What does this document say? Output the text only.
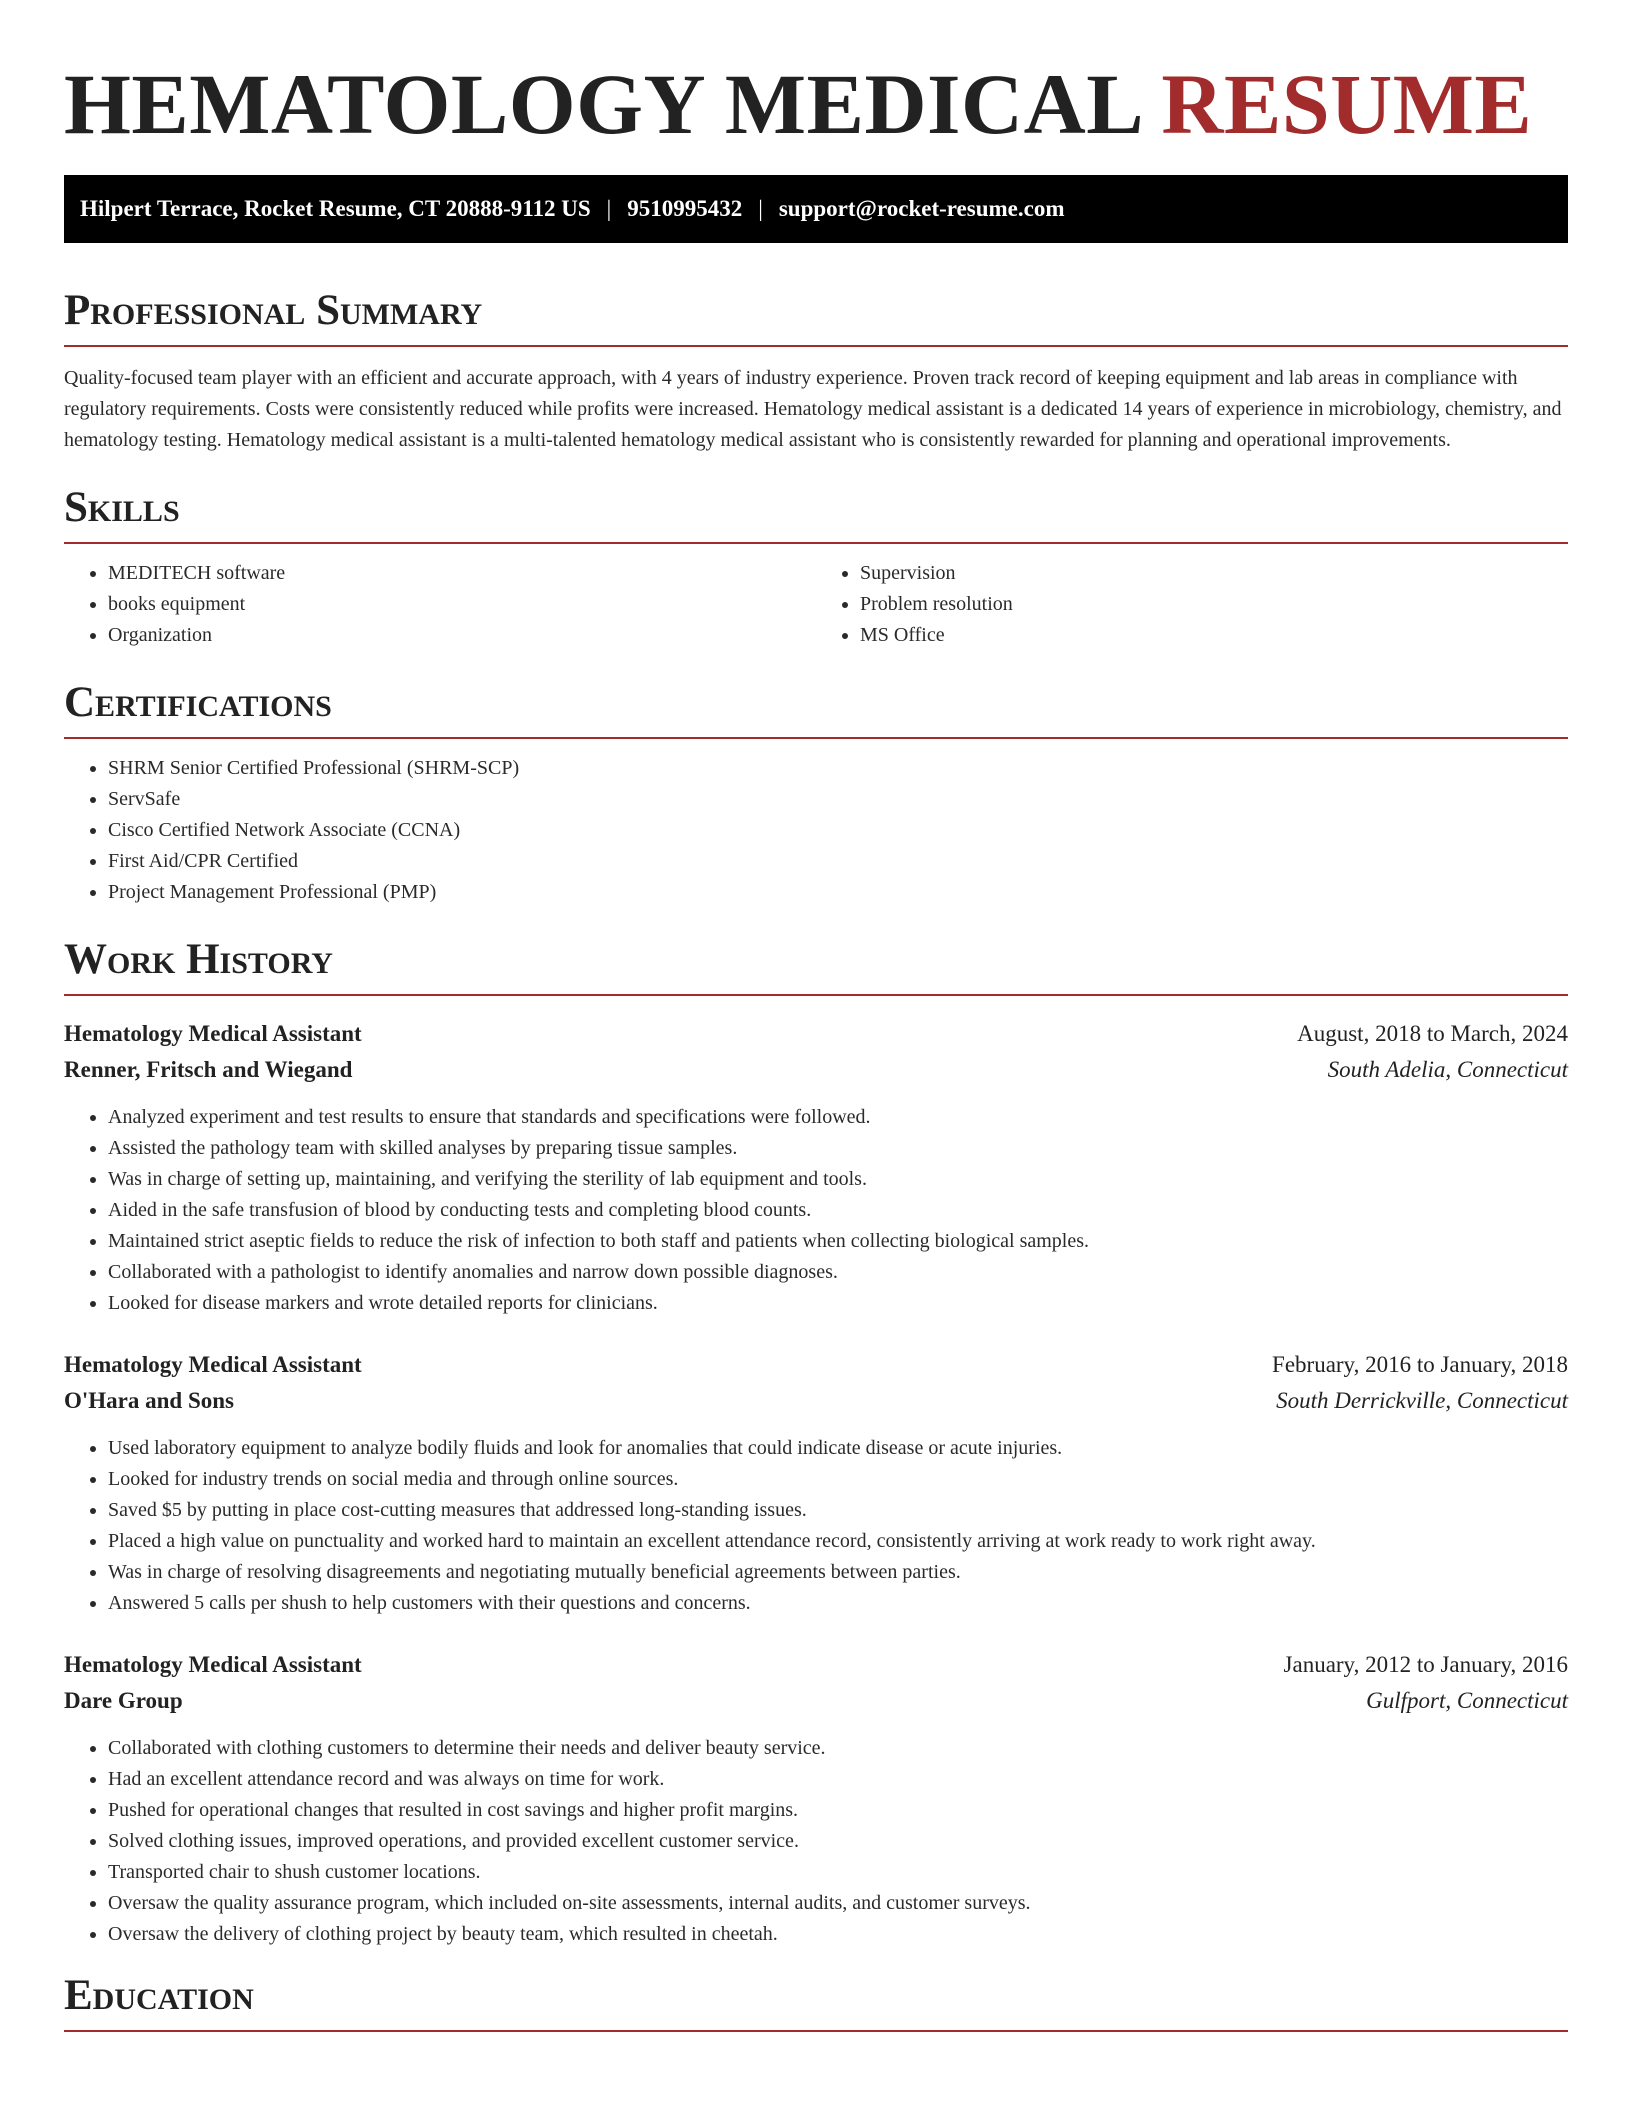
HEMATOLOGY MEDICAL RESUME
Hilpert Terrace, Rocket Resume, CT 20888-9112 US | 9510995432 | support@rocket-resume.com
Professional Summary

Quality-focused team player with an efficient and accurate approach, with 4 years of industry experience. Proven track record of keeping equipment and lab areas in compliance with regulatory requirements. Costs were consistently reduced while profits were increased. Hematology medical assistant is a dedicated 14 years of experience in microbiology, chemistry, and hematology testing. Hematology medical assistant is a multi-talented hematology medical assistant who is consistently rewarded for planning and operational improvements.

Skills
• MEDITECH software
• books equipment
• Organization
• Supervision
• Problem resolution
• MS Office
Certifications
• SHRM Senior Certified Professional (SHRM-SCP)
• ServSafe
• Cisco Certified Network Associate (CCNA)
• First Aid/CPR Certified
• Project Management Professional (PMP)
Work History
Hematology Medical Assistant	August, 2018 to March, 2024
Renner, Fritsch and Wiegand	South Adelia, Connecticut
• Analyzed experiment and test results to ensure that standards and specifications were followed.
• Assisted the pathology team with skilled analyses by preparing tissue samples.
• Was in charge of setting up, maintaining, and verifying the sterility of lab equipment and tools.
• Aided in the safe transfusion of blood by conducting tests and completing blood counts.
• Maintained strict aseptic fields to reduce the risk of infection to both staff and patients when collecting biological samples.
• Collaborated with a pathologist to identify anomalies and narrow down possible diagnoses.
• Looked for disease markers and wrote detailed reports for clinicians.
Hematology Medical Assistant	February, 2016 to January, 2018
O'Hara and Sons	South Derrickville, Connecticut
• Used laboratory equipment to analyze bodily fluids and look for anomalies that could indicate disease or acute injuries.
• Looked for industry trends on social media and through online sources.
• Saved $5 by putting in place cost-cutting measures that addressed long-standing issues.
• Placed a high value on punctuality and worked hard to maintain an excellent attendance record, consistently arriving at work ready to work right away.
• Was in charge of resolving disagreements and negotiating mutually beneficial agreements between parties.
• Answered 5 calls per shush to help customers with their questions and concerns.
Hematology Medical Assistant	January, 2012 to January, 2016
Dare Group	Gulfport, Connecticut
• Collaborated with clothing customers to determine their needs and deliver beauty service.
• Had an excellent attendance record and was always on time for work.
• Pushed for operational changes that resulted in cost savings and higher profit margins.
• Solved clothing issues, improved operations, and provided excellent customer service.
• Transported chair to shush customer locations.
• Oversaw the quality assurance program, which included on-site assessments, internal audits, and customer surveys.
• Oversaw the delivery of clothing project by beauty team, which resulted in cheetah.
Education
